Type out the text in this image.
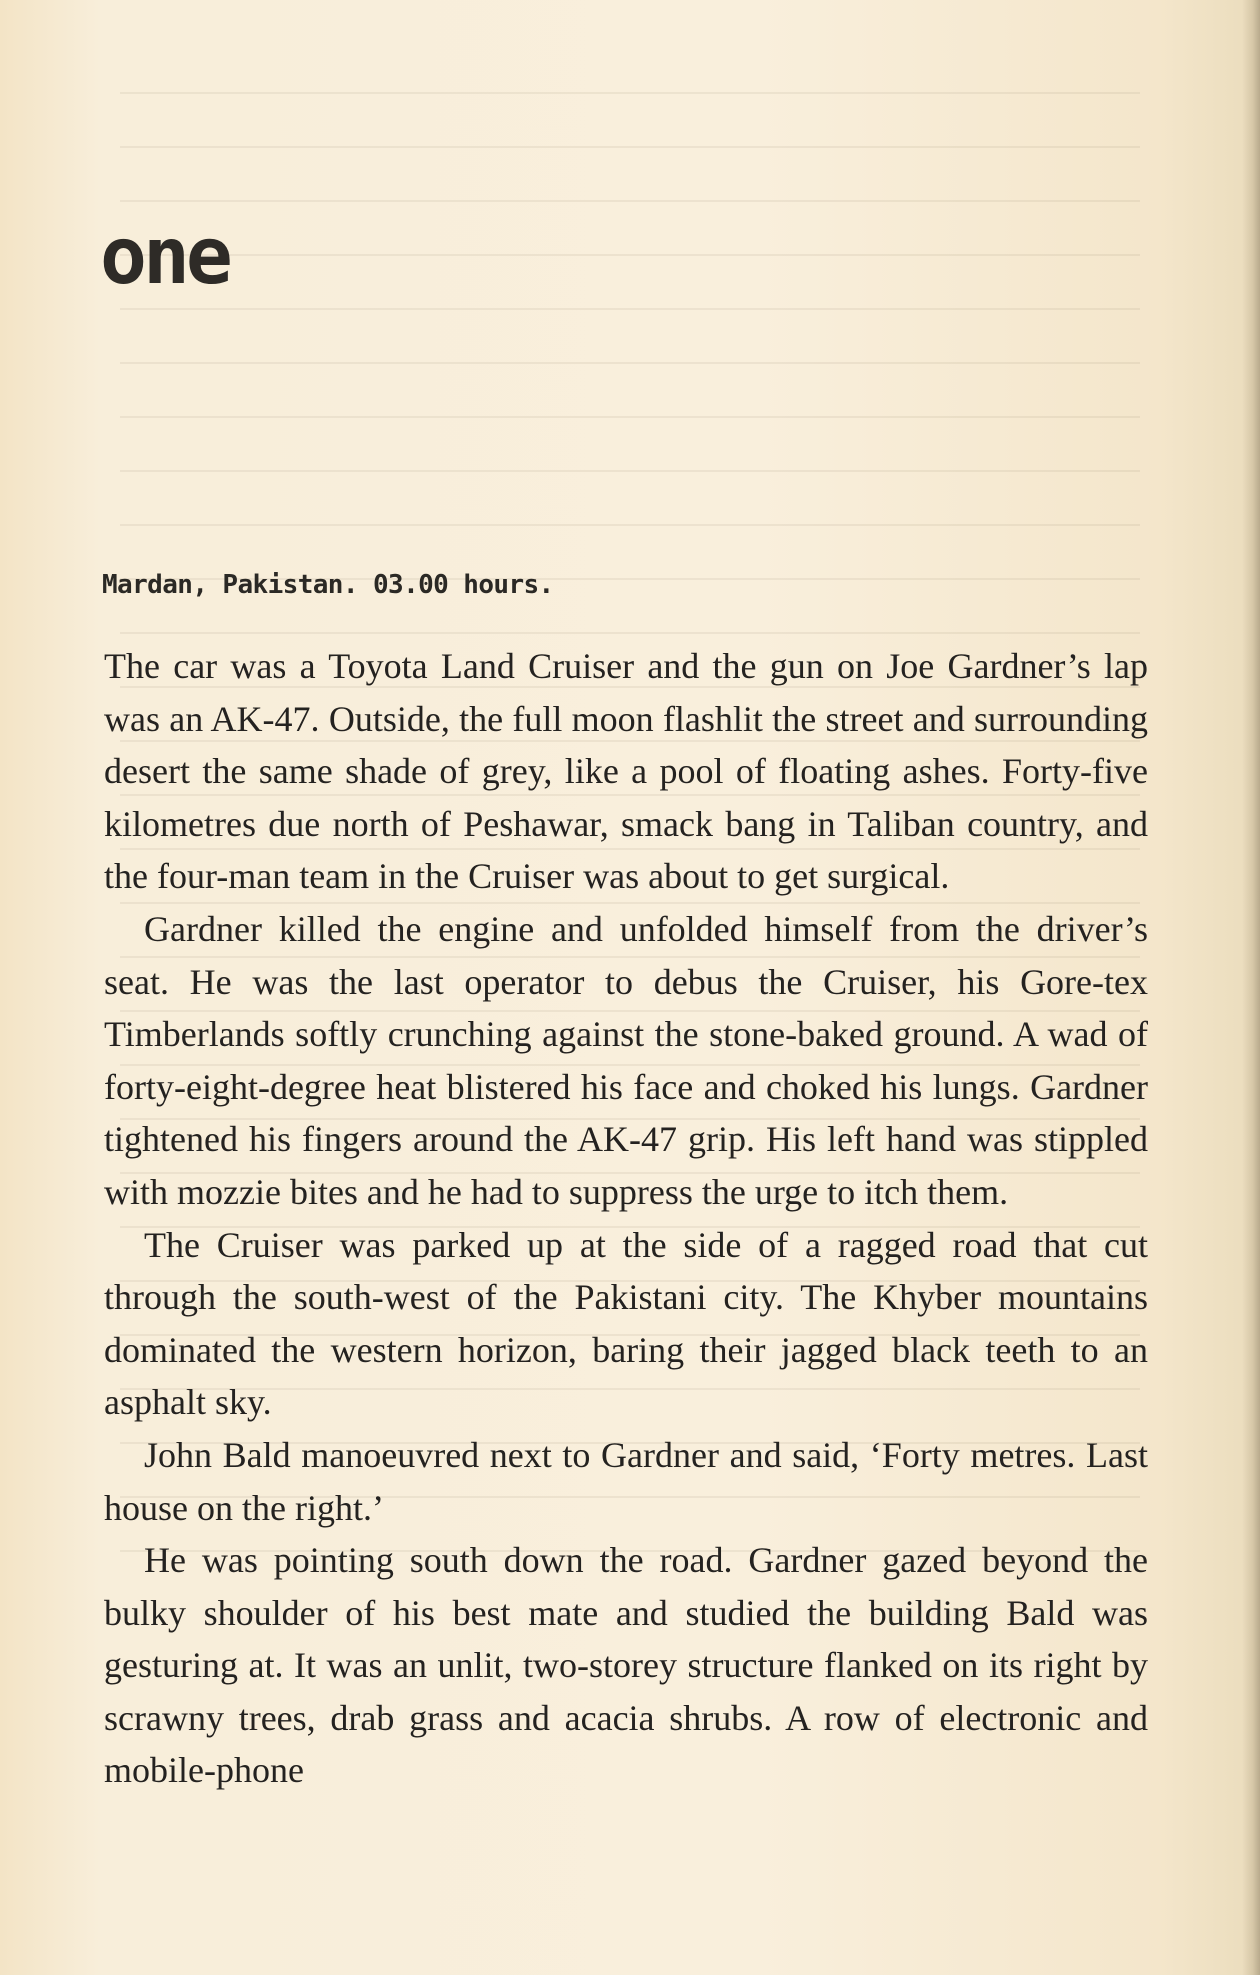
one

Mardan, Pakistan. 03.00 hours.

The car was a Toyota Land Cruiser and the gun on Joe Gardner’s lap was an AK-47. Outside, the full moon flashlit the street and surrounding desert the same shade of grey, like a pool of floating ashes. Forty-five kilometres due north of Peshawar, smack bang in Taliban country, and the four-man team in the Cruiser was about to get surgical.

Gardner killed the engine and unfolded himself from the driver’s seat. He was the last operator to debus the Cruiser, his Gore-tex Timberlands softly crunching against the stone-baked ground. A wad of forty-eight-degree heat blistered his face and choked his lungs. Gardner tightened his fingers around the AK-47 grip. His left hand was stippled with mozzie bites and he had to suppress the urge to itch them.

The Cruiser was parked up at the side of a ragged road that cut through the south-west of the Pakistani city. The Khyber mountains dominated the western horizon, baring their jagged black teeth to an asphalt sky.

John Bald manoeuvred next to Gardner and said, ‘Forty metres. Last house on the right.’

He was pointing south down the road. Gardner gazed beyond the bulky shoulder of his best mate and studied the building Bald was gesturing at. It was an unlit, two-storey structure flanked on its right by scrawny trees, drab grass and acacia shrubs. A row of electronic and mobile-phone
